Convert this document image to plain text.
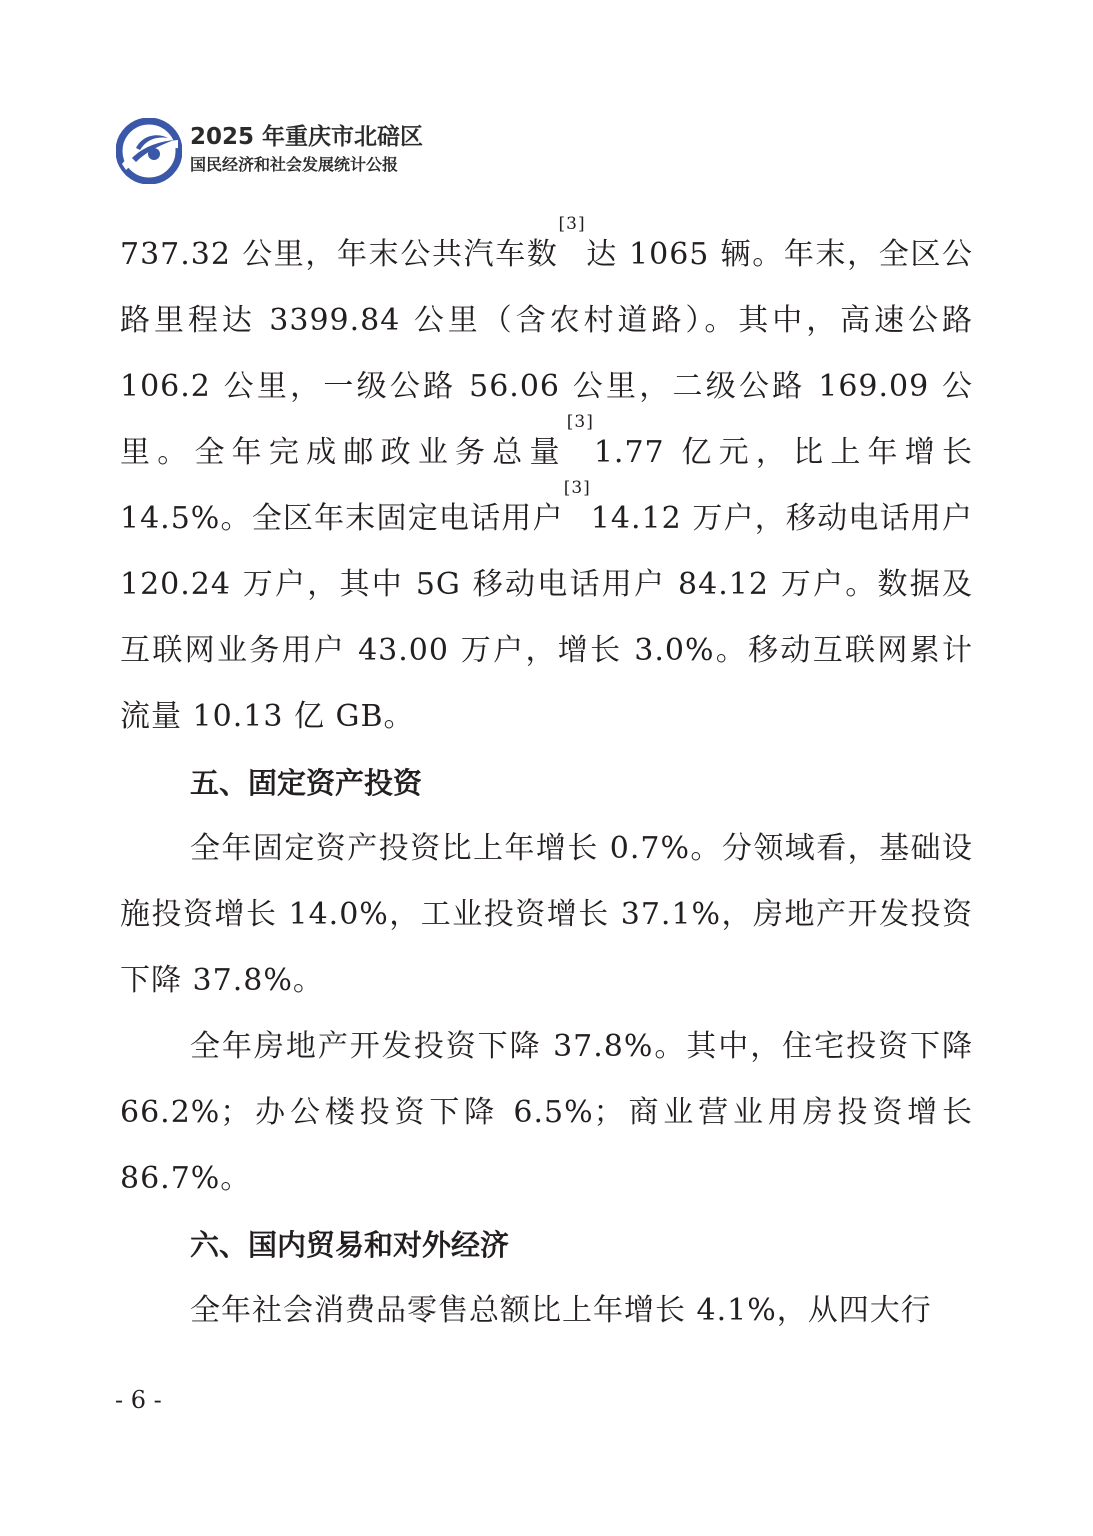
2025 年重庆市北碚区
国民经济和社会发展统计公报

737.32 公里，年末公共汽车数[3]达 1065 辆。年末，全区公路里程达 3399.84 公里（含农村道路）。其中，高速公路 106.2 公里，一级公路 56.06 公里，二级公路 169.09 公里。全年完成邮政业务总量[3]1.77 亿元，比上年增长 14.5%。全区年末固定电话用户[3]14.12 万户，移动电话用户 120.24 万户，其中 5G 移动电话用户 84.12 万户。数据及互联网业务用户 43.00 万户，增长 3.0%。移动互联网累计流量 10.13 亿 GB。

五、固定资产投资

全年固定资产投资比上年增长 0.7%。分领域看，基础设施投资增长 14.0%，工业投资增长 37.1%，房地产开发投资下降 37.8%。

全年房地产开发投资下降 37.8%。其中，住宅投资下降 66.2%；办公楼投资下降 6.5%；商业营业用房投资增长 86.7%。

六、国内贸易和对外经济

全年社会消费品零售总额比上年增长 4.1%，从四大行

- 6 -
